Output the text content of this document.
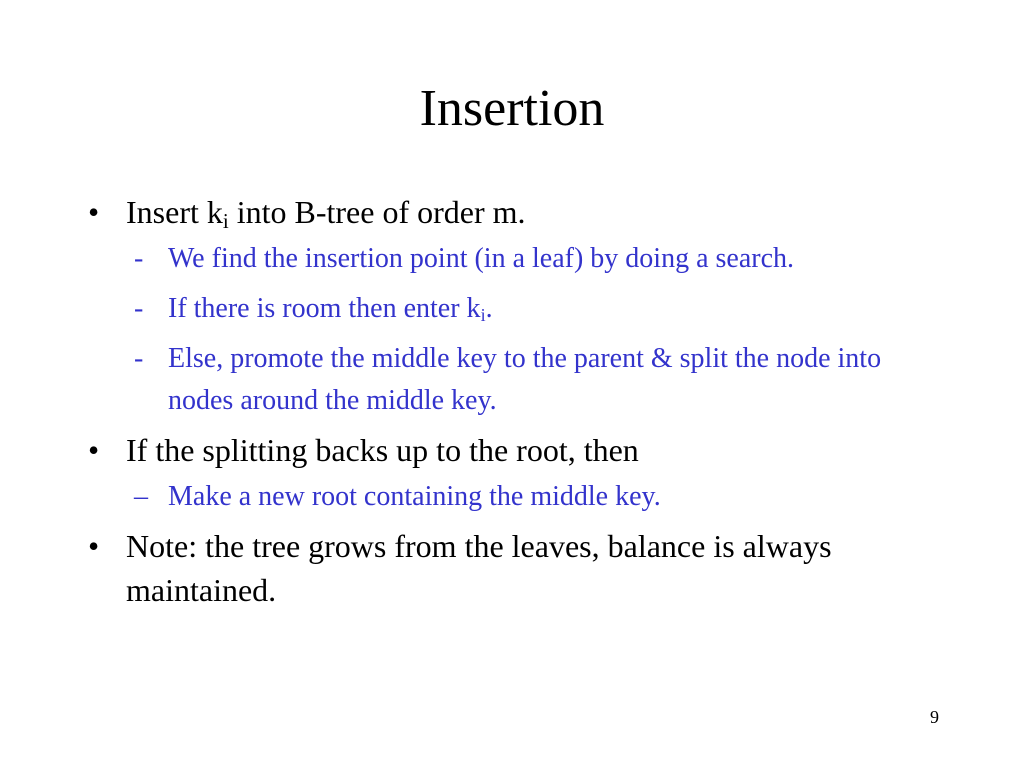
Insertion
• Insert $k_i$ into B-tree of order m.
- We find the insertion point (in a leaf) by doing a search.
- If there is room then enter $k_i$.
- Else, promote the middle key to the parent & split the node into nodes around the middle key.
• If the splitting backs up to the root, then
– Make a new root containing the middle key.
• Note: the tree grows from the leaves, balance is always maintained.
9
